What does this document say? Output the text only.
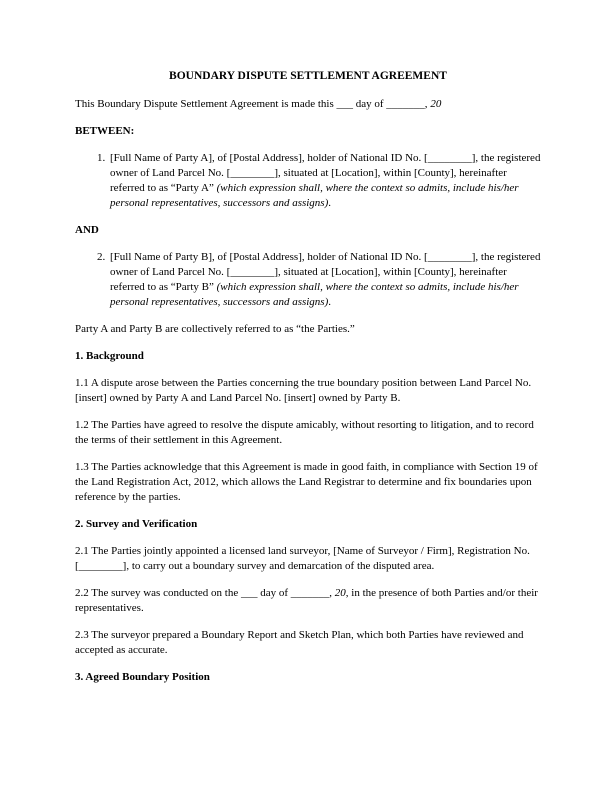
BOUNDARY DISPUTE SETTLEMENT AGREEMENT

This Boundary Dispute Settlement Agreement is made this ___ day of _______, 20

BETWEEN:

1. [Full Name of Party A], of [Postal Address], holder of National ID No. [________], the registered owner of Land Parcel No. [________], situated at [Location], within [County], hereinafter referred to as “Party A” (which expression shall, where the context so admits, include his/her personal representatives, successors and assigns).

AND

2. [Full Name of Party B], of [Postal Address], holder of National ID No. [________], the registered owner of Land Parcel No. [________], situated at [Location], within [County], hereinafter referred to as “Party B” (which expression shall, where the context so admits, include his/her personal representatives, successors and assigns).

Party A and Party B are collectively referred to as “the Parties.”

1. Background

1.1 A dispute arose between the Parties concerning the true boundary position between Land Parcel No. [insert] owned by Party A and Land Parcel No. [insert] owned by Party B.

1.2 The Parties have agreed to resolve the dispute amicably, without resorting to litigation, and to record the terms of their settlement in this Agreement.

1.3 The Parties acknowledge that this Agreement is made in good faith, in compliance with Section 19 of the Land Registration Act, 2012, which allows the Land Registrar to determine and fix boundaries upon reference by the parties.

2. Survey and Verification

2.1 The Parties jointly appointed a licensed land surveyor, [Name of Surveyor / Firm], Registration No. [________], to carry out a boundary survey and demarcation of the disputed area.

2.2 The survey was conducted on the ___ day of _______, 20, in the presence of both Parties and/or their representatives.

2.3 The surveyor prepared a Boundary Report and Sketch Plan, which both Parties have reviewed and accepted as accurate.

3. Agreed Boundary Position
